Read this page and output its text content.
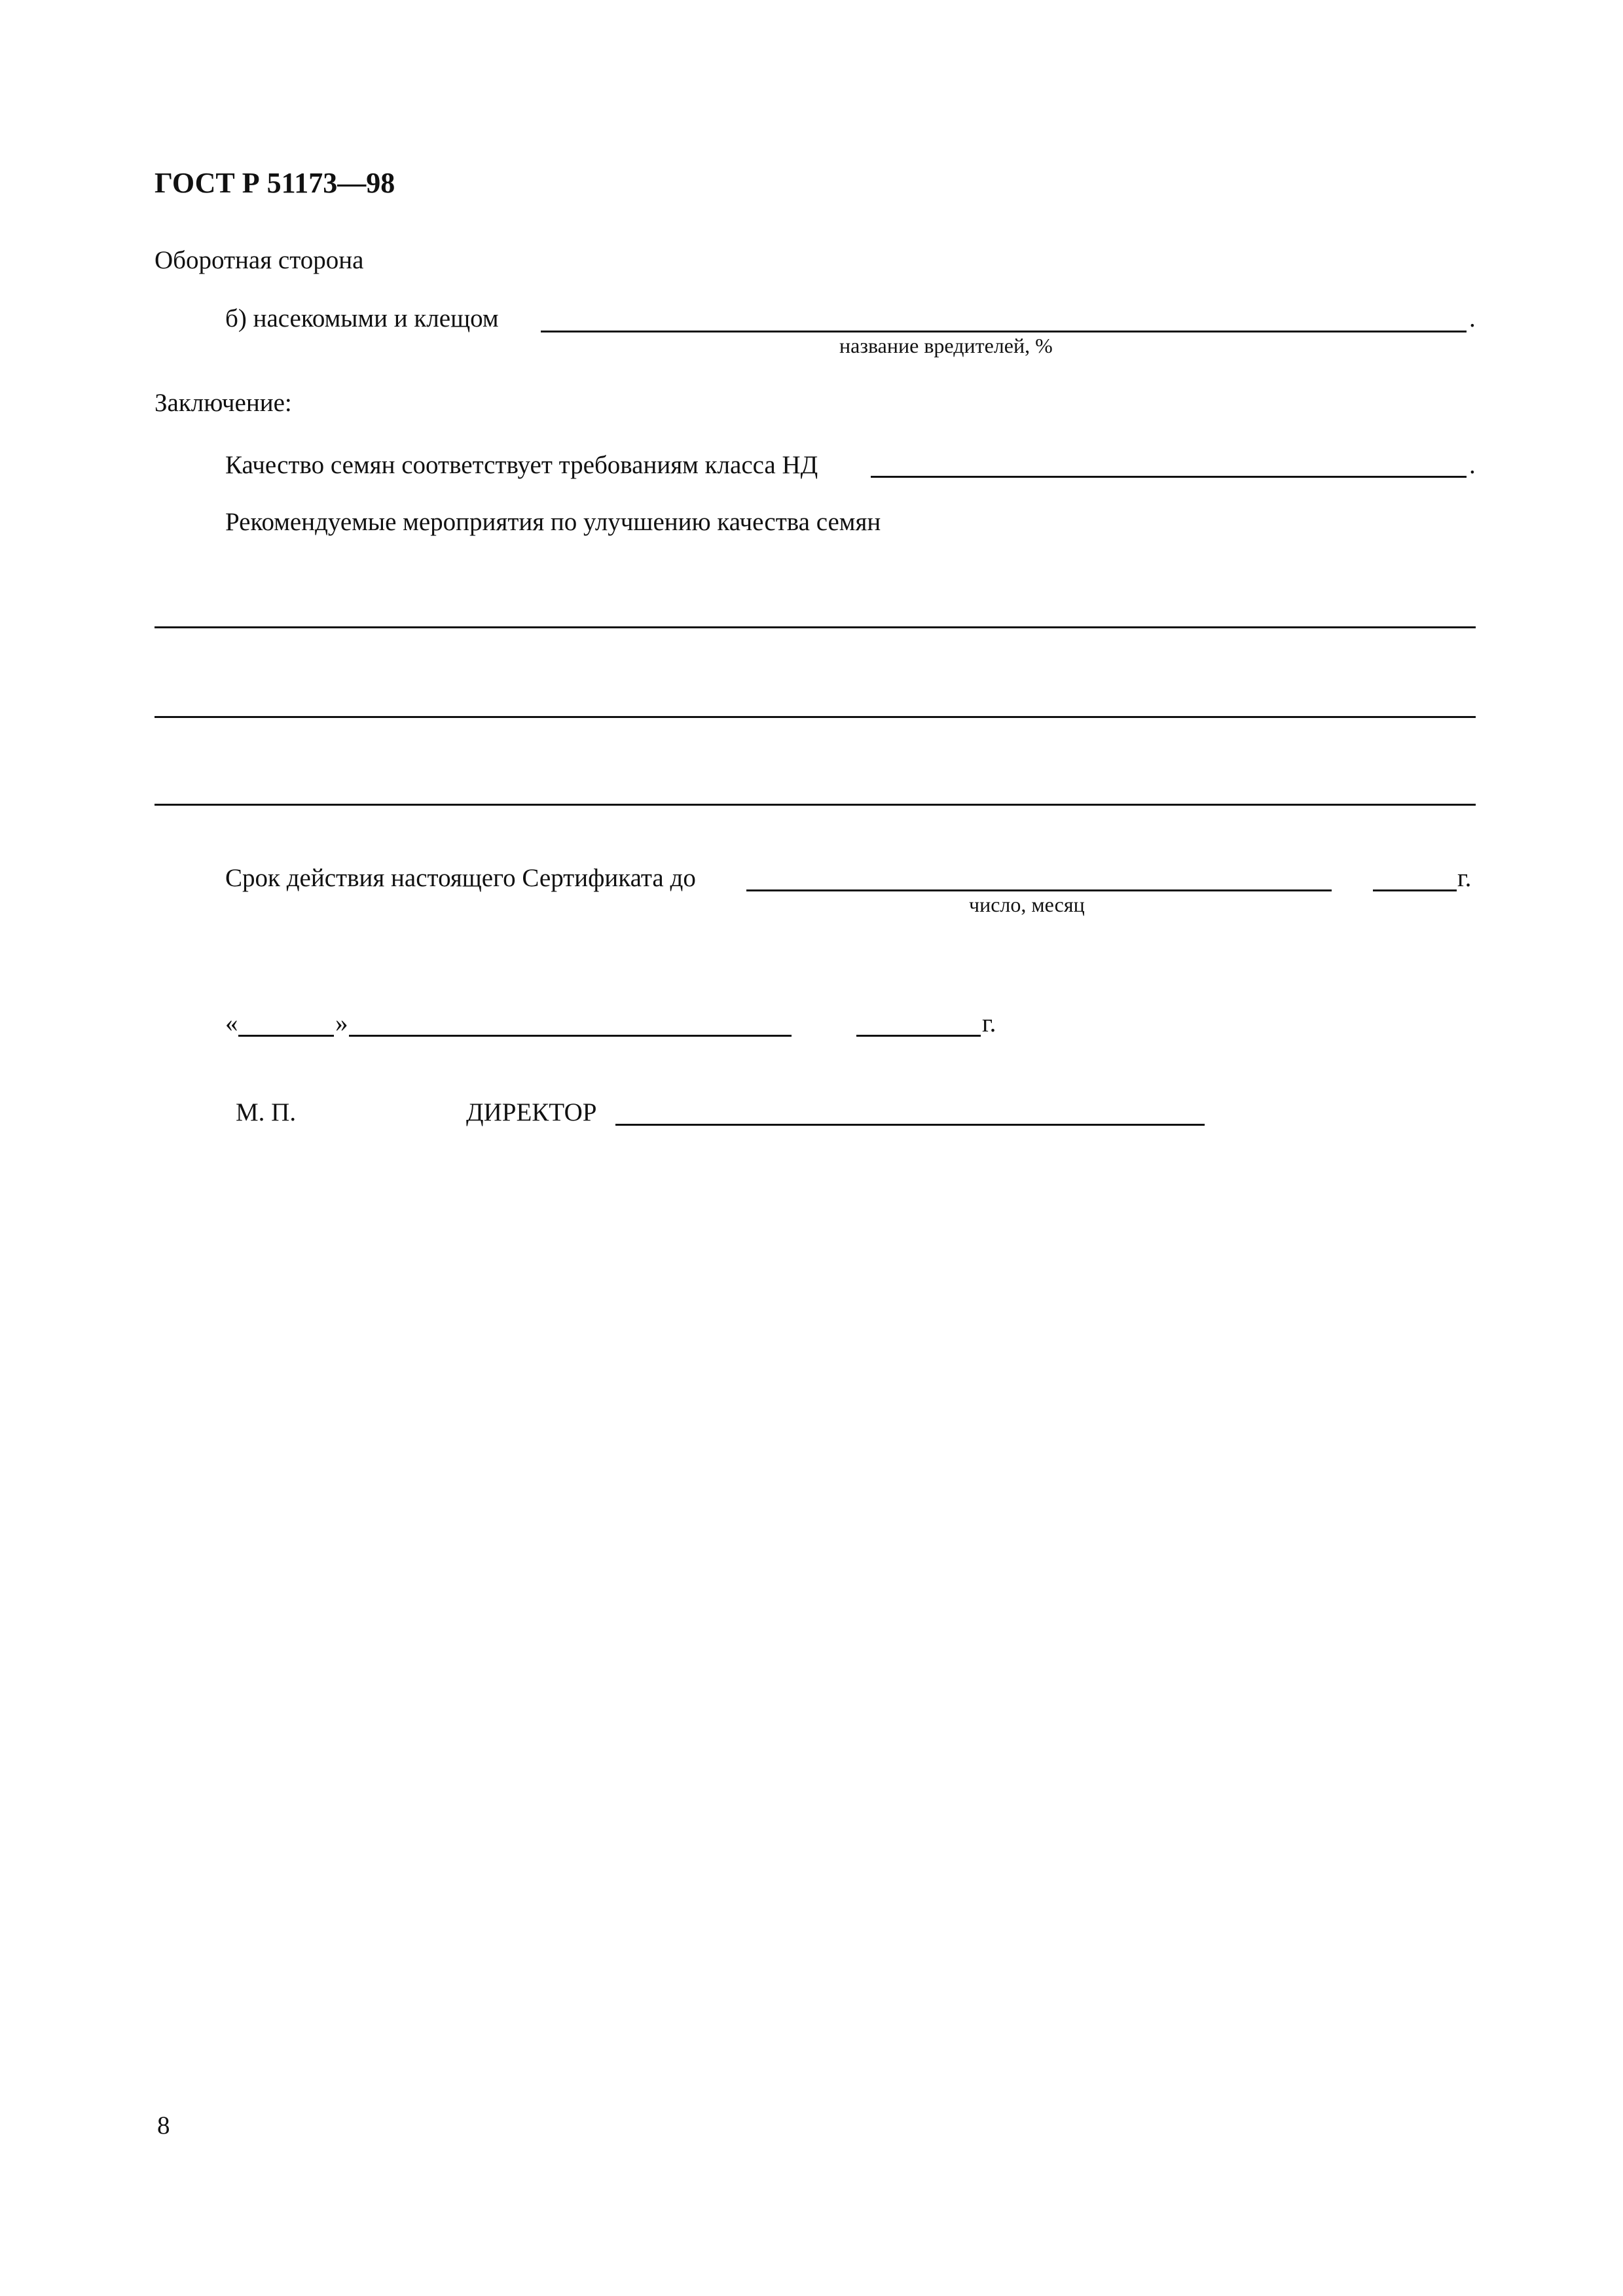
ГОСТ Р 51173—98
Оборотная сторона
б) насекомыми и клещом	.
название вредителей, %
Заключение:
Качество семян соответствует требованиям класса НД	.
Рекомендуемые мероприятия по улучшению качества семян
Срок действия настоящего Сертификата до	г.
число, месяц
«	»	г.
М. П.	ДИРЕКТОР
8
